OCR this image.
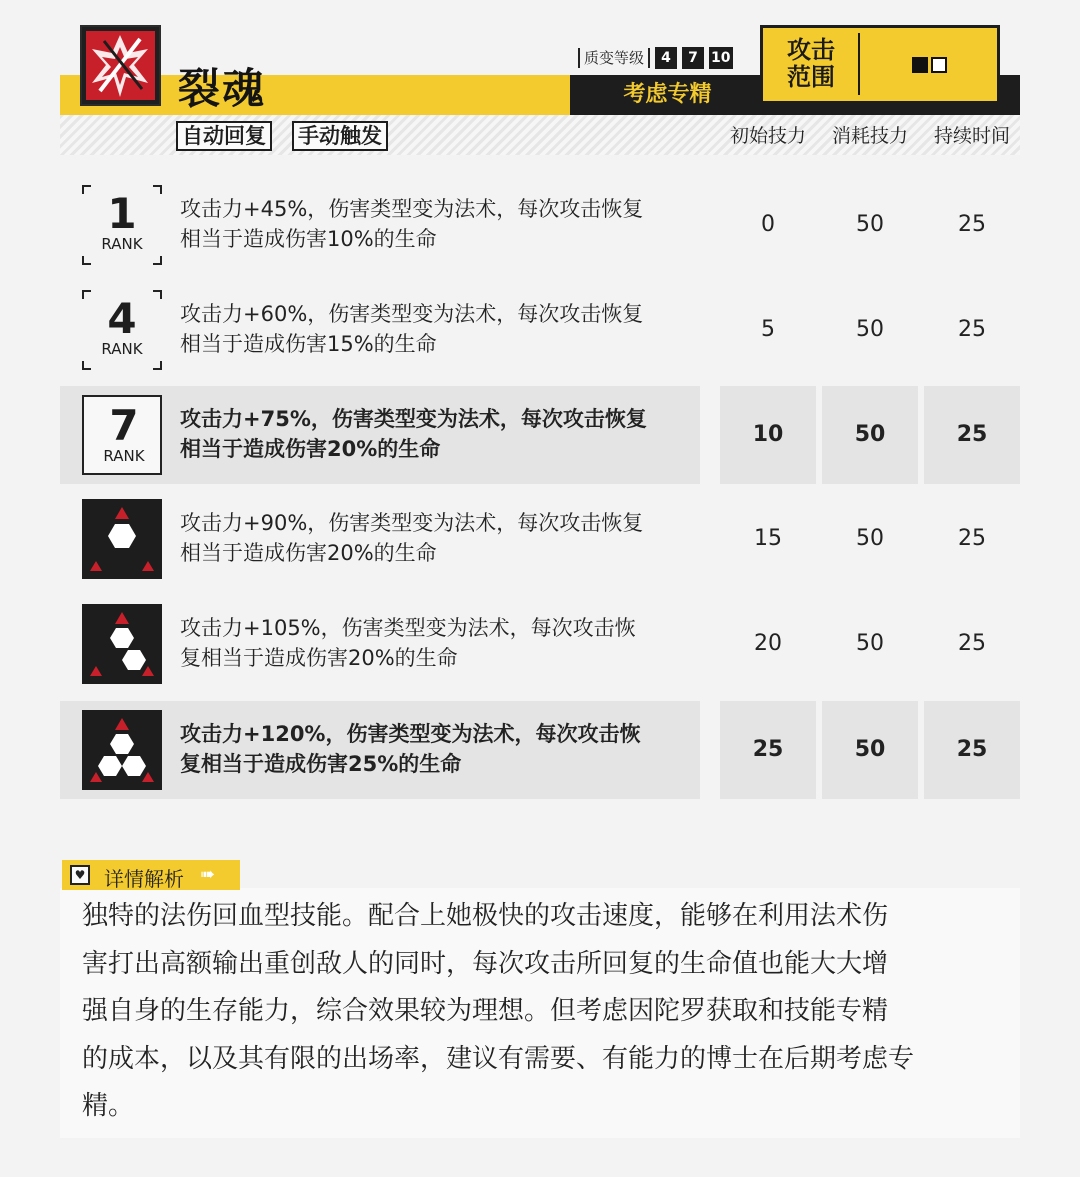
裂魂
质变等级	4	7 10
考虑专精
攻击范围
自动回复 手动触发	初始技力	消耗技力	持续时间
1
RANK
攻击力+45%，伤害类型变为法术，每次攻击恢复
相当于造成伤害10%的生命
0	50	25
4
RANK
攻击力+60%，伤害类型变为法术，每次攻击恢复
相当于造成伤害15%的生命
5	50	25
7
RANK
攻击力+75%，伤害类型变为法术，每次攻击恢复
相当于造成伤害20%的生命
10	50	25
攻击力+90%，伤害类型变为法术，每次攻击恢复
相当于造成伤害20%的生命
15	50	25
攻击力+105%，伤害类型变为法术，每次攻击恢
复相当于造成伤害20%的生命
20	50	25
攻击力+120%，伤害类型变为法术，每次攻击恢
复相当于造成伤害25%的生命
25	50	25
♥ 详情解析 ➠
独特的法伤回血型技能。配合上她极快的攻击速度，能够在利用法术伤
害打出高额输出重创敌人的同时，每次攻击所回复的生命值也能大大增
强自身的生存能力，综合效果较为理想。但考虑因陀罗获取和技能专精
的成本，以及其有限的出场率，建议有需要、有能力的博士在后期考虑专
精。
